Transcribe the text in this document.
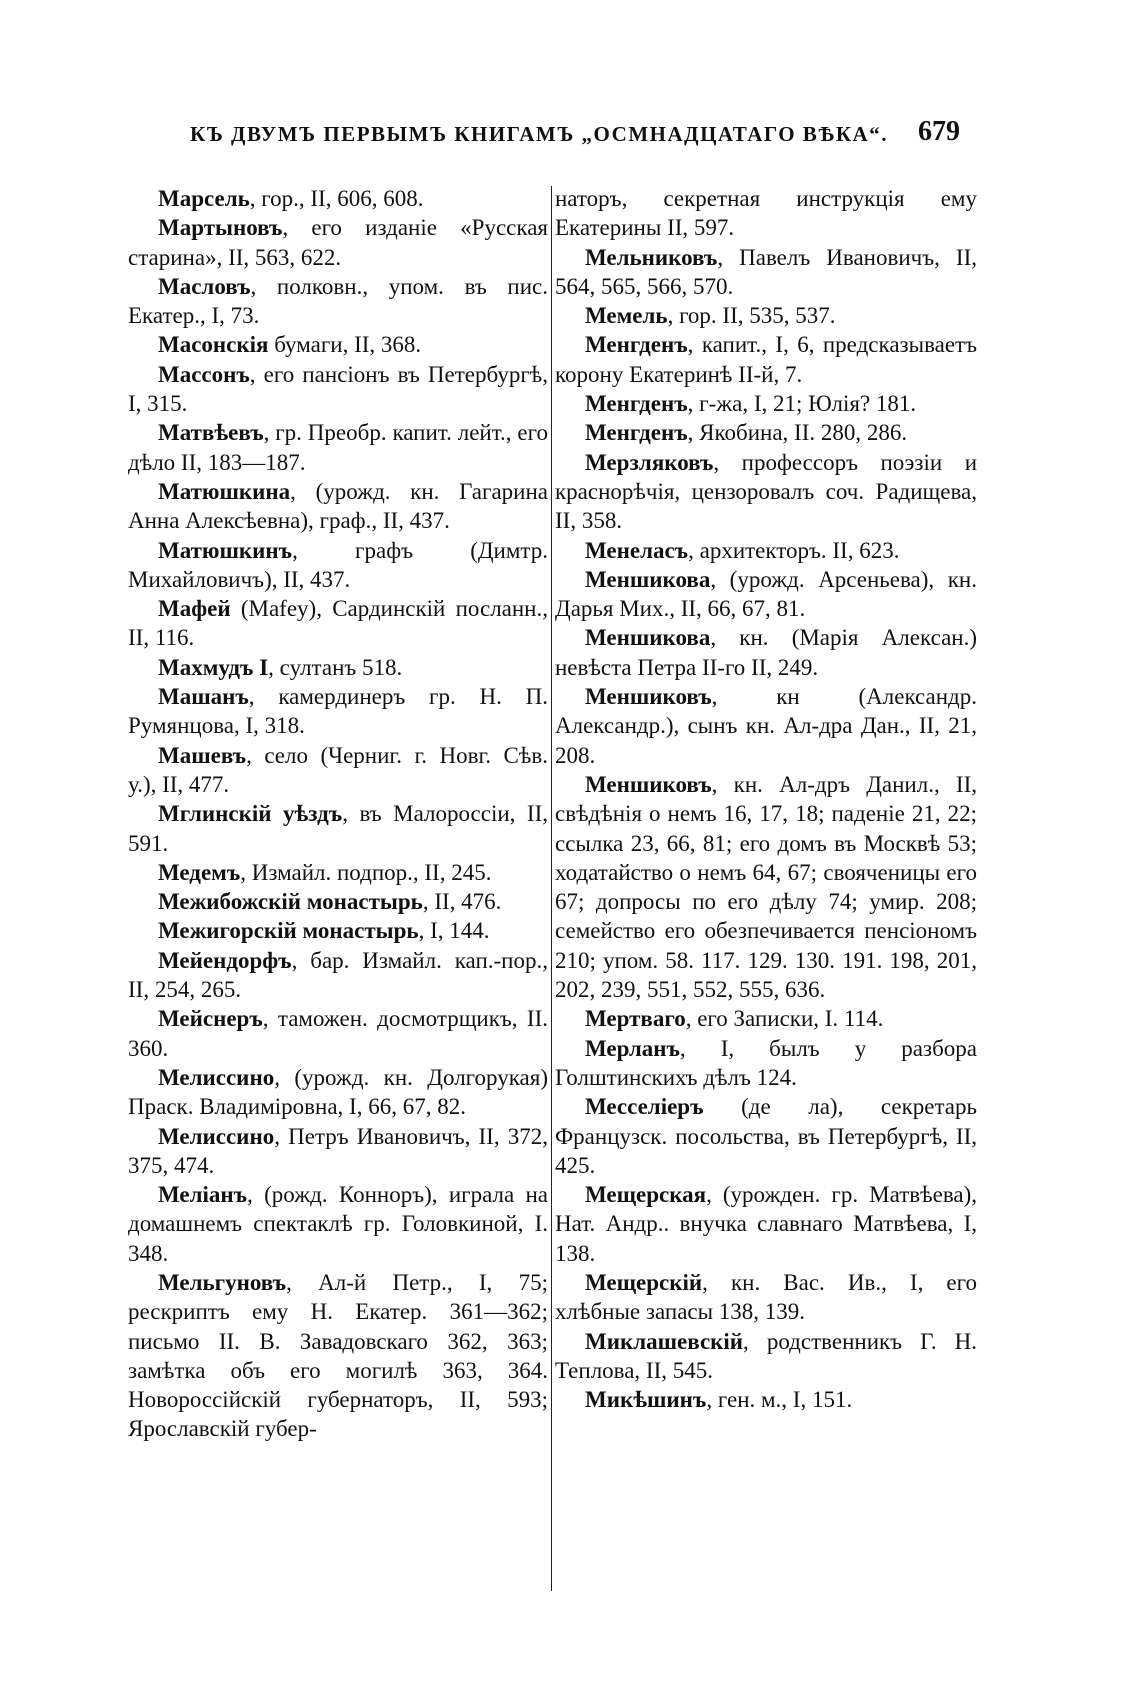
КЪ ДВУМЪ ПЕРВЫМЪ КНИГАМЪ „ОСМНАДЦАТАГО ВѢКА“.	679

Марсель, гор., II, 606, 608.

Мартыновъ, его изданіе «Русская старина», II, 563, 622.

Масловъ, полковн., упом. въ пис. Екатер., I, 73.

Масонскія бумаги, II, 368.

Массонъ, его пансіонъ въ Петербургѣ, I, 315.

Матвѣевъ, гр. Преобр. капит. лейт., его дѣло II, 183—187.

Матюшкина, (урожд. кн. Гагарина Анна Алексѣевна), граф., II, 437.

Матюшкинъ, графъ (Димтр. Михайловичъ), II, 437.

Мафей (Mafey), Сардинскій посланн., II, 116.

Махмудъ I, султанъ 518.

Машанъ, камердинеръ гр. Н. П. Румянцова, I, 318.

Машевъ, село (Черниг. г. Новг. Сѣв. у.), II, 477.

Мглинскій уѣздъ, въ Малороссіи, II, 591.

Медемъ, Измайл. подпор., II, 245.

Межибожскій монастырь, II, 476.

Межигорскій монастырь, I, 144.

Мейендорфъ, бар. Измайл. кап.-пор., II, 254, 265.

Мейснеръ, таможен. досмотрщикъ, II. 360.

Мелиссино, (урожд. кн. Долгорукая) Праск. Владиміровна, I, 66, 67, 82.

Мелиссино, Петръ Ивановичъ, II, 372, 375, 474.

Меліанъ, (рожд. Конноръ), играла на домашнемъ спектаклѣ гр. Головкиной, I. 348.

Мельгуновъ, Ал-й Петр., I, 75; рескриптъ ему Н. Екатер. 361—362; письмо II. В. Завадовскаго 362, 363; замѣтка объ его могилѣ 363, 364. Новороссійскій губернаторъ, II, 593; Ярославскій губер-

наторъ, секретная инструкція ему Екатерины II, 597.

Мельниковъ, Павелъ Ивановичъ, II, 564, 565, 566, 570.

Мемель, гор. II, 535, 537.

Менгденъ, капит., I, 6, предсказываетъ корону Екатеринѣ II-й, 7.

Менгденъ, г-жа, I, 21; Юлія? 181.

Менгденъ, Якобина, II. 280, 286.

Мерзляковъ, профессоръ поэзіи и краснорѣчія, цензоровалъ соч. Радищева, II, 358.

Менеласъ, архитекторъ. II, 623.

Меншикова, (урожд. Арсеньева), кн. Дарья Мих., II, 66, 67, 81.

Меншикова, кн. (Марія Алексан.) невѣста Петра II-го II, 249.

Меншиковъ, кн (Александр. Александр.), сынъ кн. Ал-дра Дан., II, 21, 208.

Меншиковъ, кн. Ал-дръ Данил., II, свѣдѣнія о немъ 16, 17, 18; паденіе 21, 22; ссылка 23, 66, 81; его домъ въ Москвѣ 53; ходатайство о немъ 64, 67; свояченицы его 67; допросы по его дѣлу 74; умир. 208; семейство его обезпечивается пенсіономъ 210; упом. 58. 117. 129. 130. 191. 198, 201, 202, 239, 551, 552, 555, 636.

Мертваго, его Записки, I. 114.

Мерланъ, I, былъ у разбора Голштинскихъ дѣлъ 124.

Месселіеръ (де ла), секретарь Французск. посольства, въ Петербургѣ, II, 425.

Мещерская, (урожден. гр. Матвѣева), Нат. Андр.. внучка славнаго Матвѣева, I, 138.

Мещерскій, кн. Вас. Ив., I, его хлѣбные запасы 138, 139.

Миклашевскій, родственникъ Г. Н. Теплова, II, 545.

Микѣшинъ, ген. м., I, 151.
